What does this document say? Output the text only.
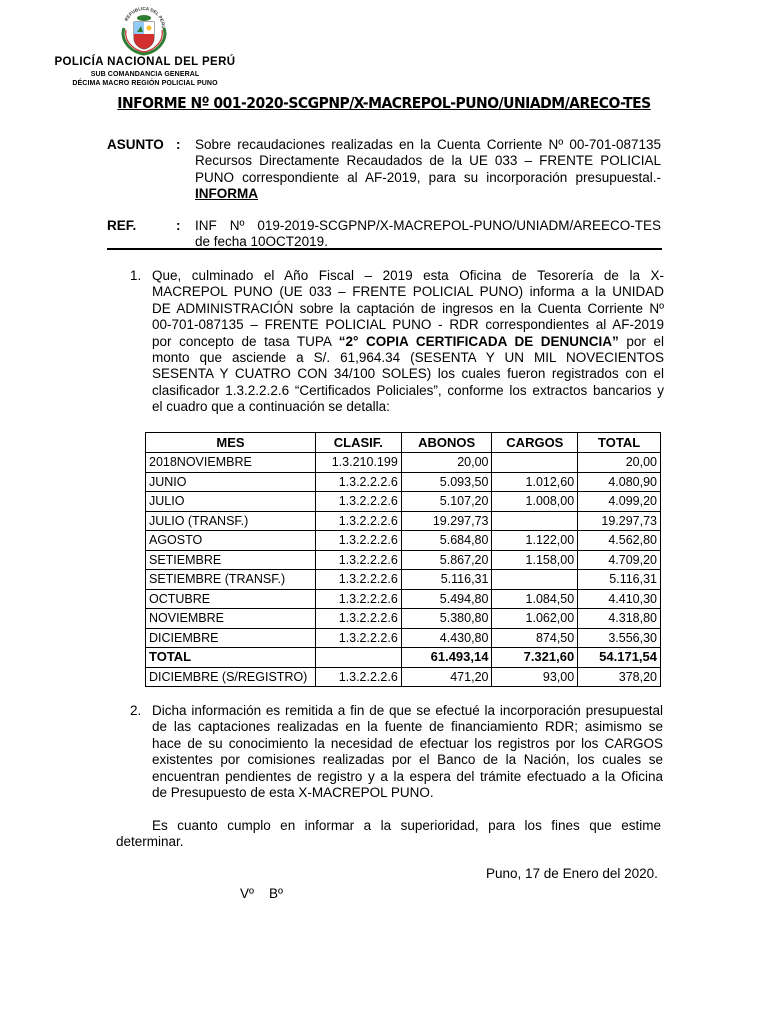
REPUBLICA DEL PERU
POLICÍA NACIONAL DEL PERÚ
SUB COMANDANCIA GENERAL
DÉCIMA MACRO REGIÓN POLICIAL PUNO
INFORME Nº 001-2020-SCGPNP/X-MACREPOL-PUNO/UNIADM/ARECO-TES
ASUNTO : Sobre recaudaciones realizadas en la Cuenta Corriente Nº 00-701-087135
Recursos Directamente Recaudados de la UE 033 – FRENTE POLICIAL
PUNO correspondiente al AF-2019, para su incorporación presupuestal.-
INFORMA
REF.	: INF Nº 019-2019-SCGPNP/X-MACREPOL-PUNO/UNIADM/AREECO-TES
de fecha 10OCT2019.
1. Que, culminado el Año Fiscal – 2019 esta Oficina de Tesorería de la X-
MACREPOL PUNO (UE 033 – FRENTE POLICIAL PUNO) informa a la UNIDAD
DE ADMINISTRACIÓN sobre la captación de ingresos en la Cuenta Corriente Nº
00-701-087135 – FRENTE POLICIAL PUNO - RDR correspondientes al AF-2019
por concepto de tasa TUPA “2° COPIA CERTIFICADA DE DENUNCIA” por el
monto que asciende a S/. 61,964.34 (SESENTA Y UN MIL NOVECIENTOS
SESENTA Y CUATRO CON 34/100 SOLES) los cuales fueron registrados con el
clasificador 1.3.2.2.2.6 “Certificados Policiales”, conforme los extractos bancarios y
el cuadro que a continuación se detalla:
MES	CLASIF.	ABONOS	CARGOS	TOTAL
2018NOVIEMBRE	1.3.210.199	20,00		20,00
JUNIO	1.3.2.2.2.6	5.093,50	1.012,60	4.080,90
JULIO	1.3.2.2.2.6	5.107,20	1.008,00	4.099,20
JULIO (TRANSF.)	1.3.2.2.2.6	19.297,73		19.297,73
AGOSTO	1.3.2.2.2.6	5.684,80	1.122,00	4.562,80
SETIEMBRE	1.3.2.2.2.6	5.867,20	1.158,00	4.709,20
SETIEMBRE (TRANSF.)	1.3.2.2.2.6	5.116,31		5.116,31
OCTUBRE	1.3.2.2.2.6	5.494,80	1.084,50	4.410,30
NOVIEMBRE	1.3.2.2.2.6	5.380,80	1.062,00	4.318,80
DICIEMBRE	1.3.2.2.2.6	4.430,80	874,50	3.556,30
TOTAL		61.493,14	7.321,60	54.171,54
DICIEMBRE (S/REGISTRO)	1.3.2.2.2.6	471,20	93,00	378,20
2. Dicha información es remitida a fin de que se efectué la incorporación presupuestal
de las captaciones realizadas en la fuente de financiamiento RDR; asimismo se
hace de su conocimiento la necesidad de efectuar los registros por los CARGOS
existentes por comisiones realizadas por el Banco de la Nación, los cuales se
encuentran pendientes de registro y a la espera del trámite efectuado a la Oficina
de Presupuesto de esta X-MACREPOL PUNO.
Es cuanto cumplo en informar a la superioridad, para los fines que estime
determinar.
Puno, 17 de Enero del 2020.
Vº    Bº
